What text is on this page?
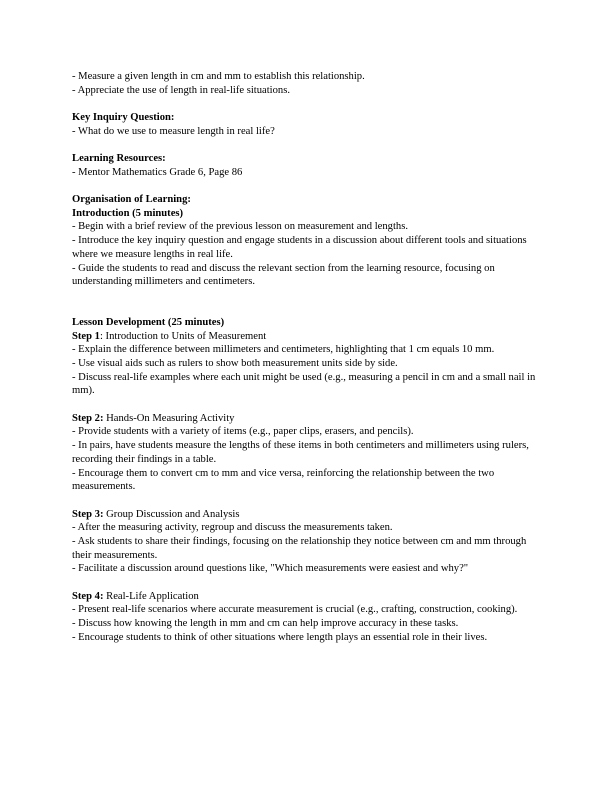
- Measure a given length in cm and mm to establish this relationship.
- Appreciate the use of length in real-life situations.
Key Inquiry Question:
- What do we use to measure length in real life?
Learning Resources:
- Mentor Mathematics Grade 6, Page 86
Organisation of Learning:
Introduction (5 minutes)
- Begin with a brief review of the previous lesson on measurement and lengths.
- Introduce the key inquiry question and engage students in a discussion about different tools and situations where we measure lengths in real life.
- Guide the students to read and discuss the relevant section from the learning resource, focusing on understanding millimeters and centimeters.
Lesson Development (25 minutes)
Step 1: Introduction to Units of Measurement
- Explain the difference between millimeters and centimeters, highlighting that 1 cm equals 10 mm.
- Use visual aids such as rulers to show both measurement units side by side.
- Discuss real-life examples where each unit might be used (e.g., measuring a pencil in cm and a small nail in mm).
Step 2: Hands-On Measuring Activity
- Provide students with a variety of items (e.g., paper clips, erasers, and pencils).
- In pairs, have students measure the lengths of these items in both centimeters and millimeters using rulers, recording their findings in a table.
- Encourage them to convert cm to mm and vice versa, reinforcing the relationship between the two measurements.
Step 3: Group Discussion and Analysis
- After the measuring activity, regroup and discuss the measurements taken.
- Ask students to share their findings, focusing on the relationship they notice between cm and mm through their measurements.
- Facilitate a discussion around questions like, "Which measurements were easiest and why?"
Step 4: Real-Life Application
- Present real-life scenarios where accurate measurement is crucial (e.g., crafting, construction, cooking).
- Discuss how knowing the length in mm and cm can help improve accuracy in these tasks.
- Encourage students to think of other situations where length plays an essential role in their lives.
